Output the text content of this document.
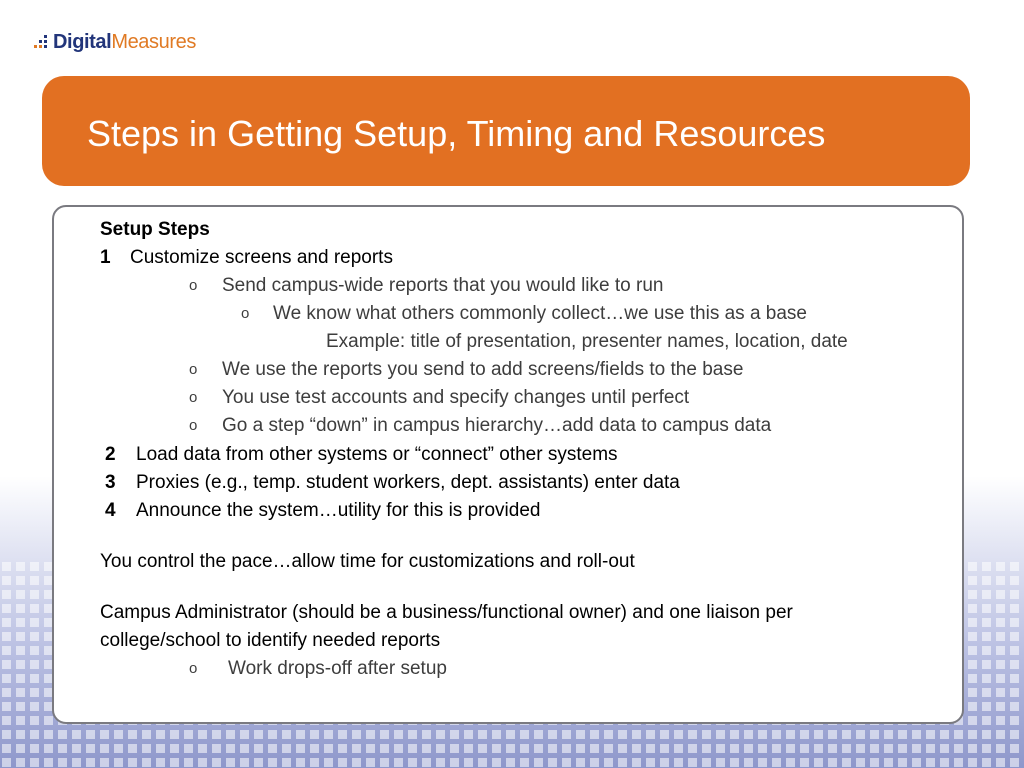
Digital Measures
Steps in Getting Setup, Timing and Resources
Setup Steps
1 Customize screens and reports
o Send campus-wide reports that you would like to run
o We know what others commonly collect…we use this as a base
Example: title of presentation, presenter names, location, date
o We use the reports you send to add screens/fields to the base
o You use test accounts and specify changes until perfect
o Go a step “down” in campus hierarchy…add data to campus data
2 Load data from other systems or “connect” other systems
3 Proxies (e.g., temp. student workers, dept. assistants) enter data
4 Announce the system…utility for this is provided
You control the pace…allow time for customizations and roll-out
Campus Administrator (should be a business/functional owner) and one liaison per
college/school to identify needed reports
o Work drops-off after setup
